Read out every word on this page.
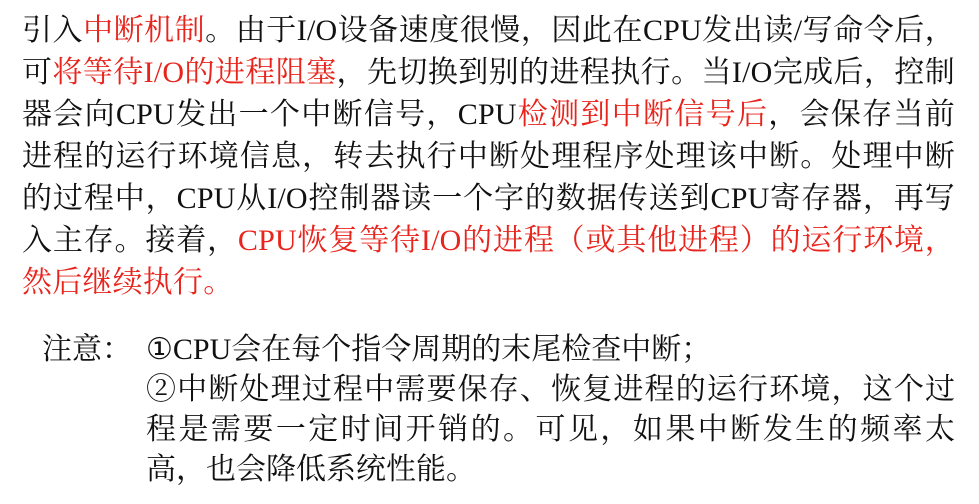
引入中断机制。由于I/O设备速度很慢，因此在CPU发出读/写命令后，可将等待I/O的进程阻塞，先切换到别的进程执行。当I/O完成后，控制器会向CPU发出一个中断信号，CPU检测到中断信号后，会保存当前进程的运行环境信息，转去执行中断处理程序处理该中断。处理中断的过程中，CPU从I/O控制器读一个字的数据传送到CPU寄存器，再写入主存。接着，CPU恢复等待I/O的进程（或其他进程）的运行环境，然后继续执行。
注意： ①CPU会在每个指令周期的末尾检查中断；
②中断处理过程中需要保存、恢复进程的运行环境，这个过程是需要一定时间开销的。可见，如果中断发生的频率太高，也会降低系统性能。
